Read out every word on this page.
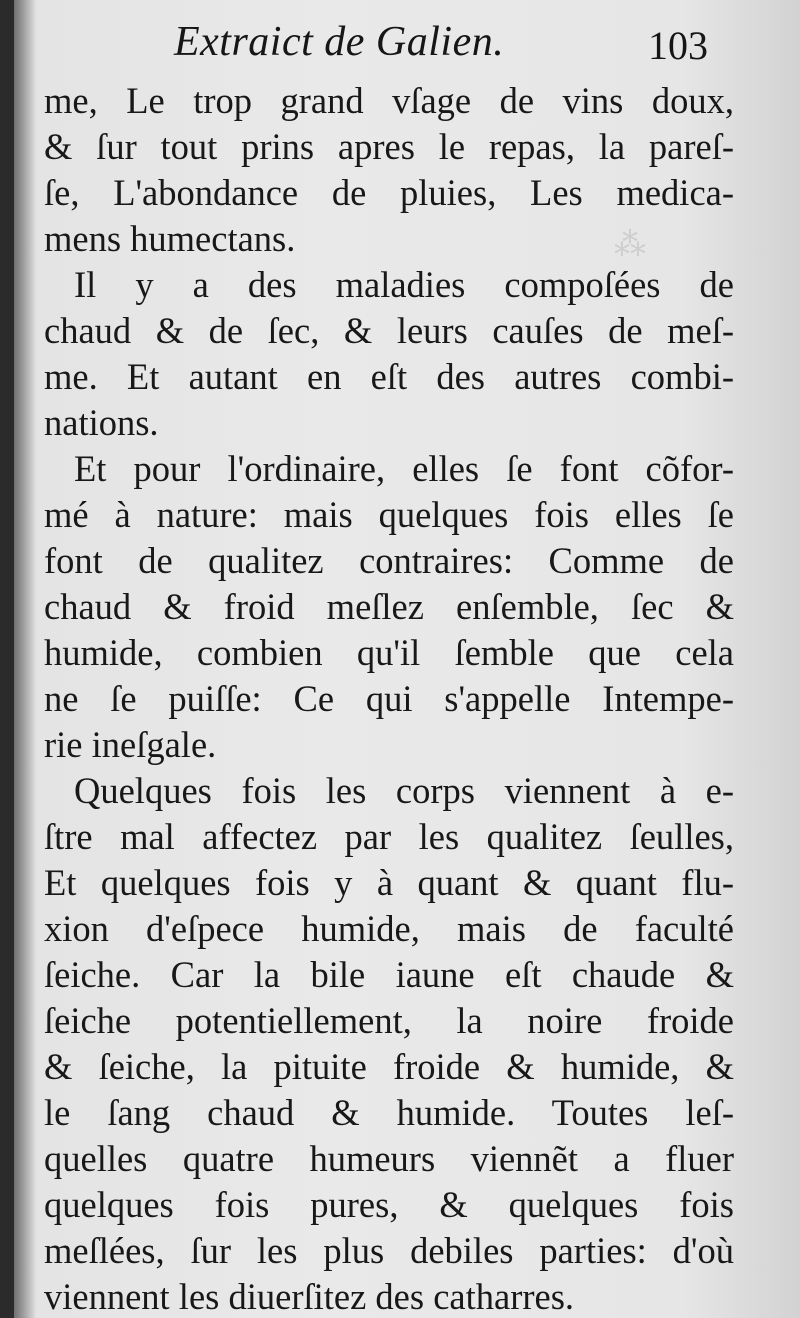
⁂
Extraict de Galien.	103
me, Le trop grand vſage de vins doux,
& ſur tout prins apres le repas, la pareſ-
ſe, L'abondance de pluies, Les medica-
mens humectans.
Il y a des maladies compoſées de
chaud & de ſec, & leurs cauſes de meſ-
me. Et autant en eſt des autres combi-
nations.
Et pour l'ordinaire, elles ſe font cõfor-
mé à nature: mais quelques fois elles ſe
font de qualitez contraires: Comme de
chaud & froid meſlez enſemble, ſec &
humide, combien qu'il ſemble que cela
ne ſe puiſſe: Ce qui s'appelle Intempe-
rie ineſgale.
Quelques fois les corps viennent à e-
ſtre mal affectez par les qualitez ſeulles,
Et quelques fois y à quant & quant flu-
xion d'eſpece humide, mais de faculté
ſeiche. Car la bile iaune eſt chaude &
ſeiche potentiellement, la noire froide
& ſeiche, la pituite froide & humide, &
le ſang chaud & humide. Toutes leſ-
quelles quatre humeurs viennẽt a fluer
quelques fois pures, & quelques fois
meſlées, ſur les plus debiles parties: d'où
viennent les diuerſitez des catharres.
